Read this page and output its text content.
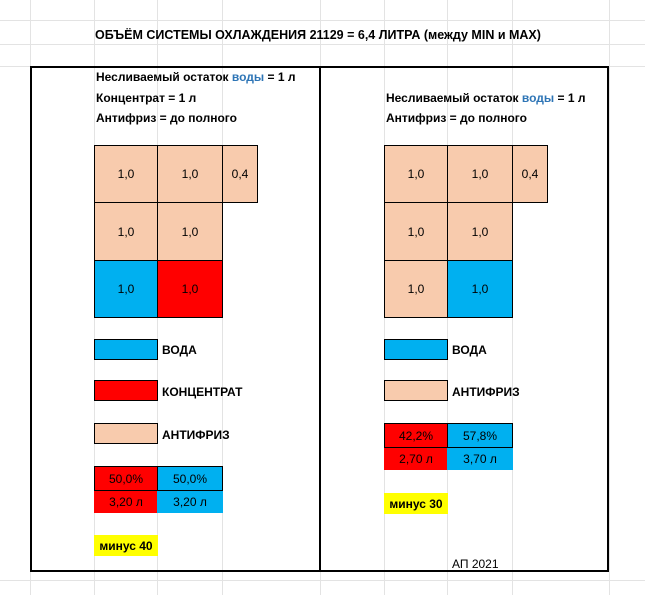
ОБЪЁМ СИСТЕМЫ ОХЛАЖДЕНИЯ 21129 = 6,4 ЛИТРА (между MIN и MAX)
Несливаемый остаток воды = 1 л
Концентрат = 1 л
Антифриз = до полного
1,0	1,0	0,4
1,0	1,0
1,0	1,0
ВОДА
КОНЦЕНТРАТ
АНТИФРИЗ
50,0%	50,0%
3,20 л	3,20 л
минус 40
Несливаемый остаток воды = 1 л
Антифриз = до полного
1,0	1,0	0,4
1,0	1,0
1,0	1,0
ВОДА
АНТИФРИЗ
42,2%	57,8%
2,70 л	3,70 л
минус 30
АП 2021
